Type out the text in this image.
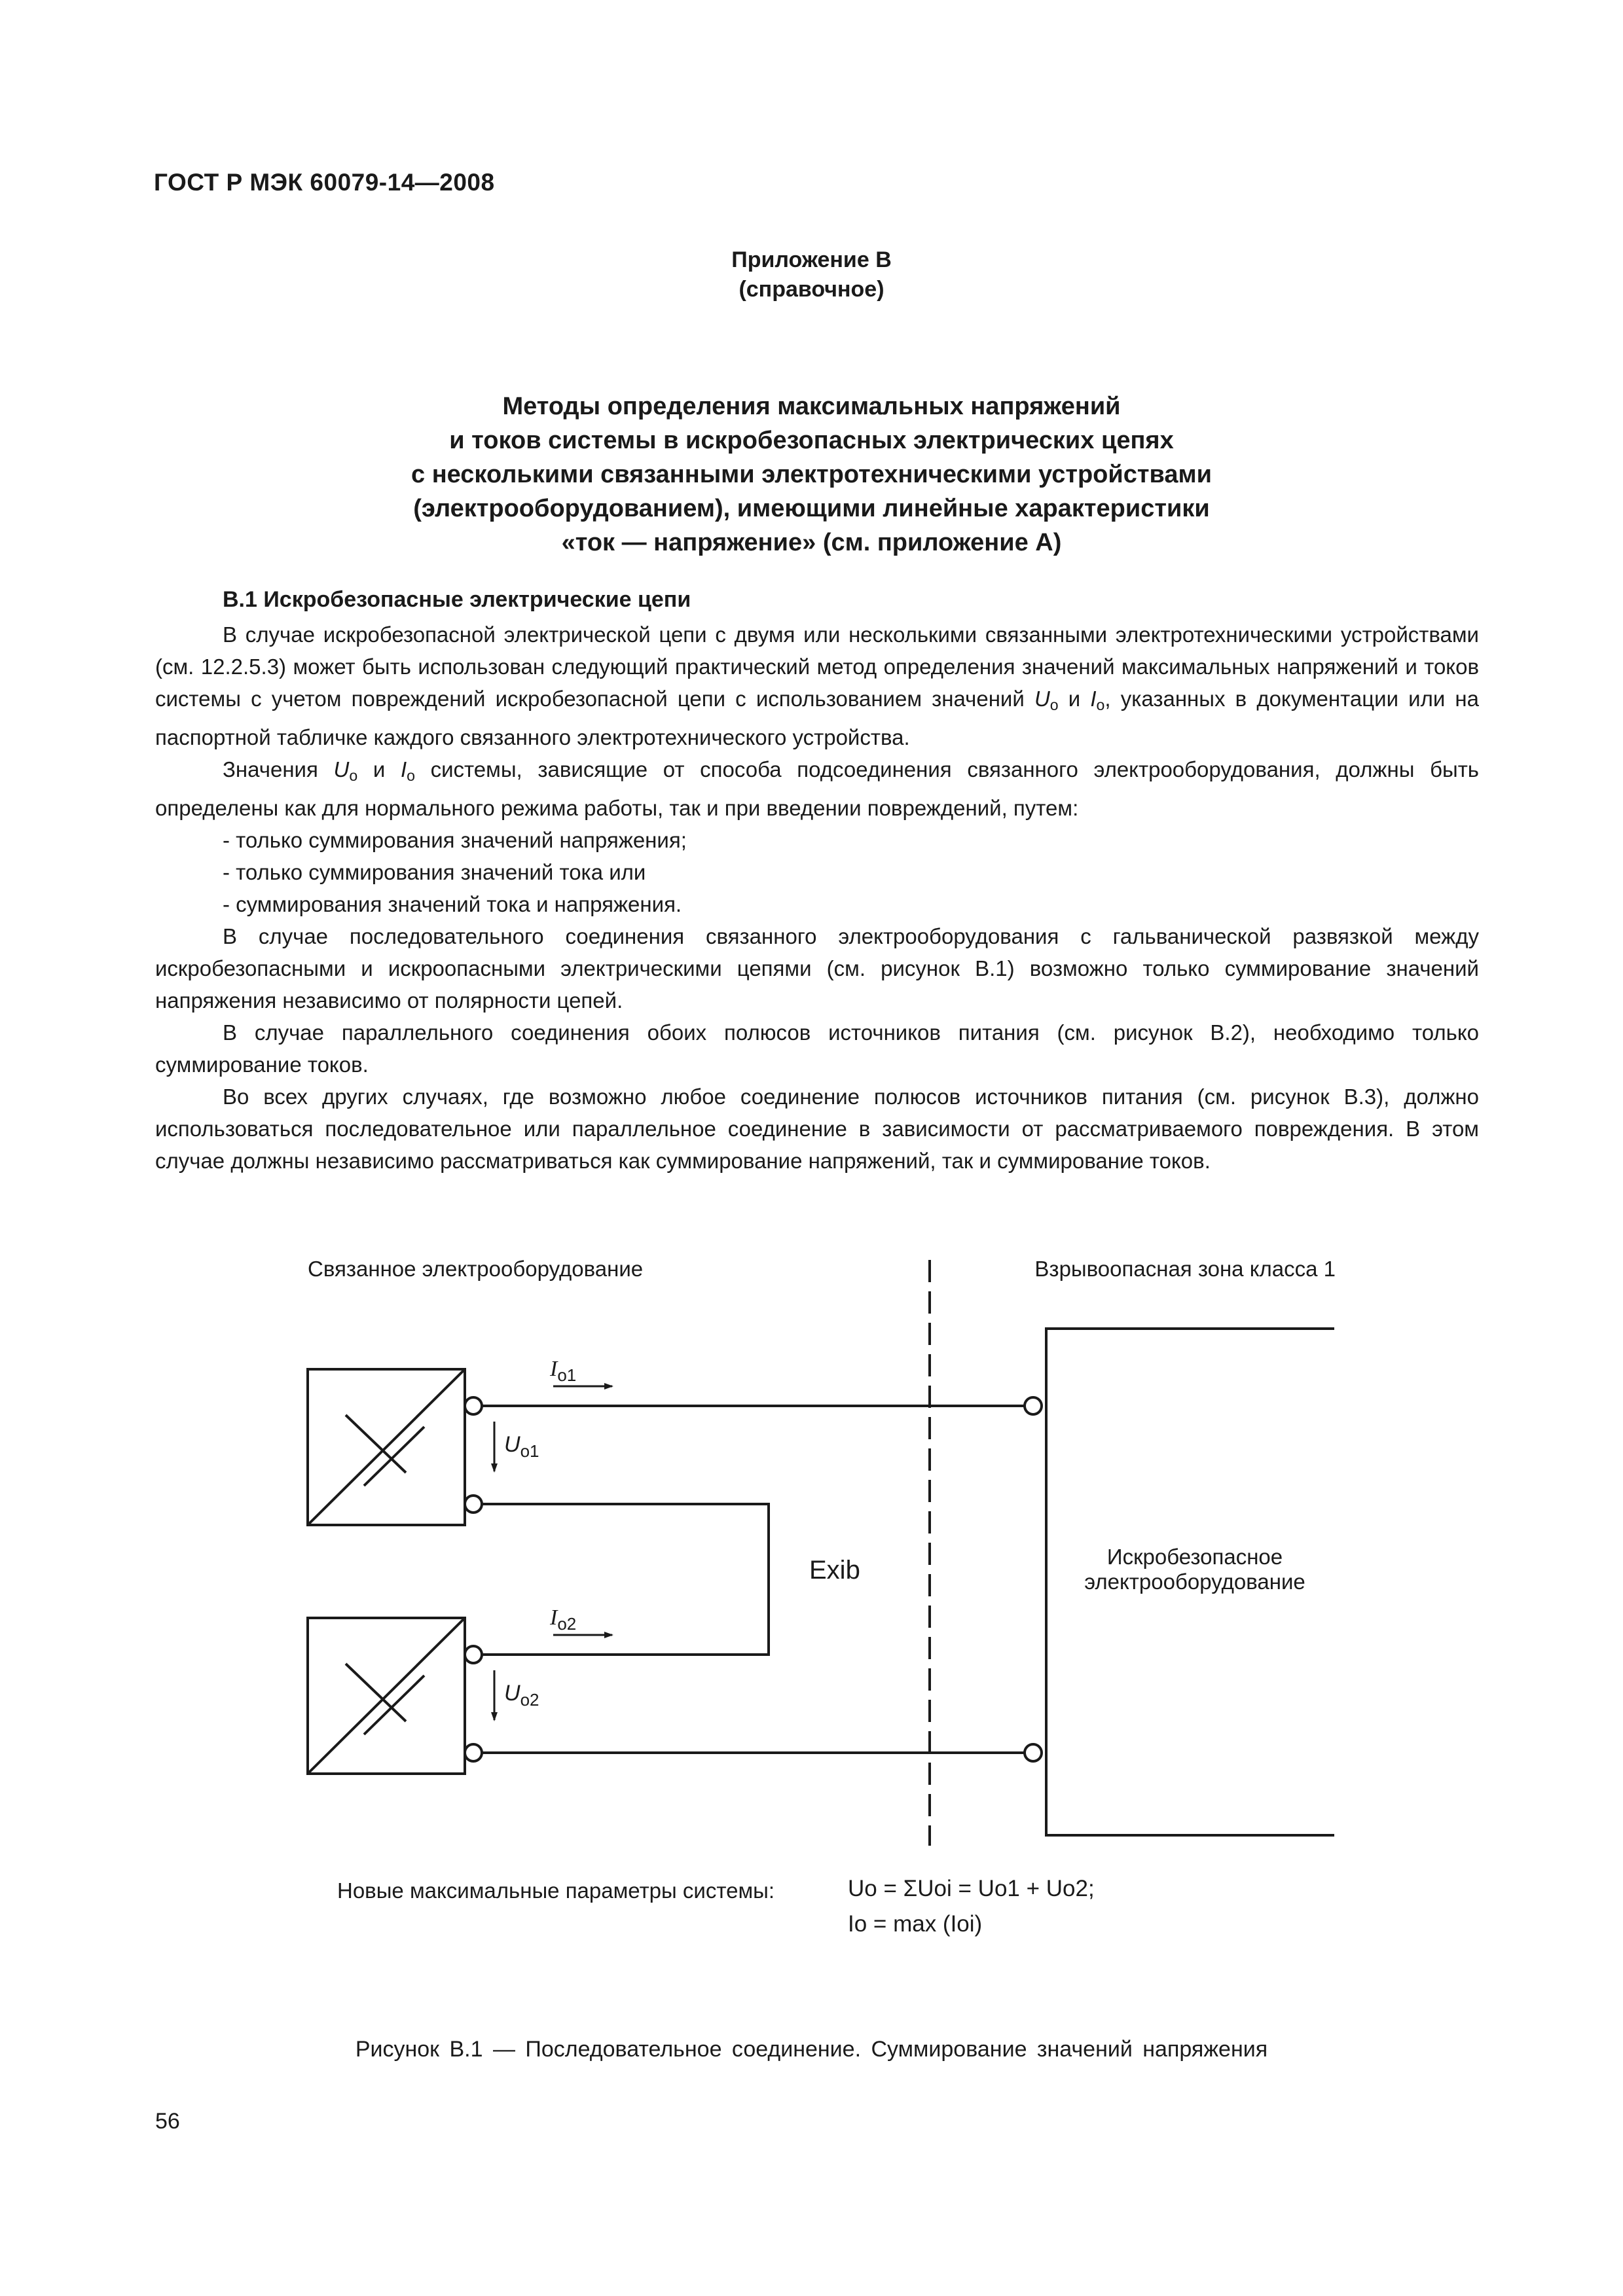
ГОСТ Р МЭК 60079-14—2008
Приложение В
(справочное)
Методы определения максимальных напряжений
и токов системы в искробезопасных электрических цепях
с несколькими связанными электротехническими устройствами
(электрооборудованием), имеющими линейные характеристики
«ток — напряжение» (см. приложение А)
В.1 Искробезопасные электрические цепи

В случае искробезопасной электрической цепи с двумя или несколькими связанными электротехническими устройствами (см. 12.2.5.3) может быть использован следующий практический метод определения значений максимальных напряжений и токов системы с учетом повреждений искробезопасной цепи с использованием значений $U_o$ и $I_o$, указанных в документации или на паспортной табличке каждого связанного электротехнического устройства.

Значения $U_o$ и $I_o$ системы, зависящие от способа подсоединения связанного электрооборудования, должны быть определены как для нормального режима работы, так и при введении повреждений, путем:

- только суммирования значений напряжения;

- только суммирования значений тока или

- суммирования значений тока и напряжения.

В случае последовательного соединения связанного электрооборудования с гальванической развязкой между искробезопасными и искроопасными электрическими цепями (см. рисунок В.1) возможно только суммирование значений напряжения независимо от полярности цепей.

В случае параллельного соединения обоих полюсов источников питания (см. рисунок В.2), необходимо только суммирование токов.

Во всех других случаях, где возможно любое соединение полюсов источников питания (см. рисунок В.3), должно использоваться последовательное или параллельное соединение в зависимости от рассматриваемого повреждения. В этом случае должны независимо рассматриваться как суммирование напряжений, так и суммирование токов.

Связанное электрооборудование	Взрывоопасная зона класса 1
$I_{o1}$
$U_{o1}$
$I_{o2}$
$U_{o2}$
Exib	Искробезопасное
электрооборудование
Новые максимальные параметры системы:	Uo = ΣUoi = Uo1 + Uo2;
Io = max (Ioi)
Рисунок В.1 — Последовательное соединение. Суммирование значений напряжения
56
